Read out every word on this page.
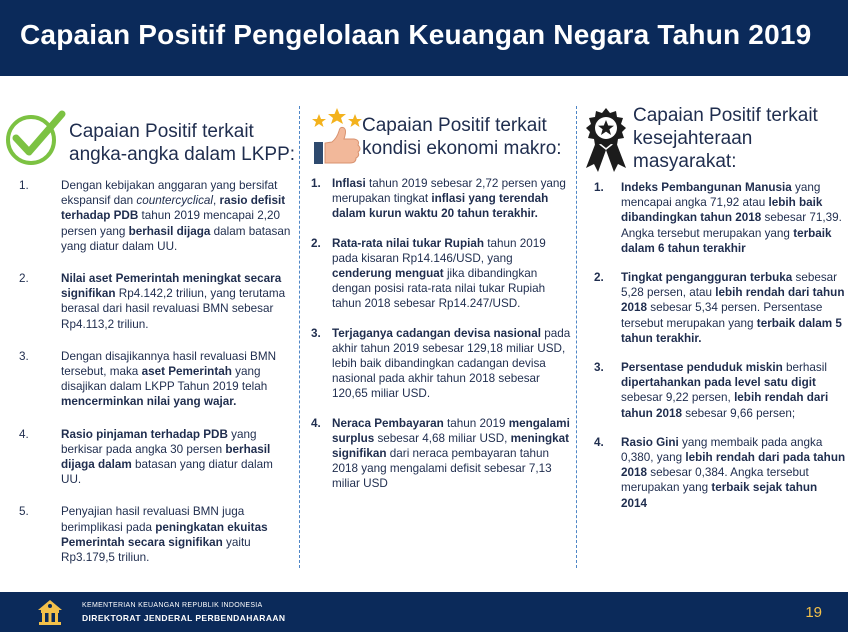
Capaian Positif Pengelolaan Keuangan Negara Tahun 2019
Capaian Positif terkait
angka-angka dalam LKPP:
1.	Dengan kebijakan anggaran yang bersifat ekspansif dan countercyclical, rasio defisit terhadap PDB tahun 2019 mencapai 2,20 persen yang berhasil dijaga dalam batasan yang diatur dalam UU.
2.	Nilai aset Pemerintah meningkat secara signifikan Rp4.142,2 triliun, yang terutama berasal dari hasil revaluasi BMN sebesar Rp4.113,2 triliun.
3.	Dengan disajikannya hasil revaluasi BMN tersebut, maka aset Pemerintah yang disajikan dalam LKPP Tahun 2019 telah mencerminkan nilai yang wajar.
4.	Rasio pinjaman terhadap PDB yang berkisar pada angka 30 persen berhasil dijaga dalam batasan yang diatur dalam UU.
5.	Penyajian hasil revaluasi BMN juga berimplikasi pada peningkatan ekuitas Pemerintah secara signifikan yaitu Rp3.179,5 triliun.
Capaian Positif terkait
kondisi ekonomi makro:
1. Inflasi tahun 2019 sebesar 2,72 persen yang merupakan tingkat inflasi yang terendah dalam kurun waktu 20 tahun terakhir.
2. Rata-rata nilai tukar Rupiah tahun 2019 pada kisaran Rp14.146/USD, yang cenderung menguat jika dibandingkan dengan posisi rata-rata nilai tukar Rupiah tahun 2018 sebesar Rp14.247/USD.
3. Terjaganya cadangan devisa nasional pada akhir tahun 2019 sebesar 129,18 miliar USD, lebih baik dibandingkan cadangan devisa nasional pada akhir tahun 2018 sebesar 120,65 miliar USD.
4. Neraca Pembayaran tahun 2019 mengalami surplus sebesar 4,68 miliar USD, meningkat signifikan dari neraca pembayaran tahun 2018 yang mengalami defisit sebesar 7,13 miliar USD
Capaian Positif terkait
kesejahteraan
masyarakat:
1. Indeks Pembangunan Manusia yang mencapai angka 71,92 atau lebih baik dibandingkan tahun 2018 sebesar 71,39. Angka tersebut merupakan yang terbaik dalam 6 tahun terakhir
2. Tingkat pengangguran terbuka sebesar 5,28 persen, atau lebih rendah dari tahun 2018 sebesar 5,34 persen. Persentase tersebut merupakan yang terbaik dalam 5 tahun terakhir.
3. Persentase penduduk miskin berhasil dipertahankan pada level satu digit sebesar 9,22 persen, lebih rendah dari tahun 2018 sebesar 9,66 persen;
4. Rasio Gini yang membaik pada angka 0,380, yang lebih rendah dari pada tahun 2018 sebesar 0,384. Angka tersebut merupakan yang terbaik sejak tahun 2014
KEMENTERIAN KEUANGAN REPUBLIK INDONESIA
DIREKTORAT JENDERAL PERBENDAHARAAN	19
